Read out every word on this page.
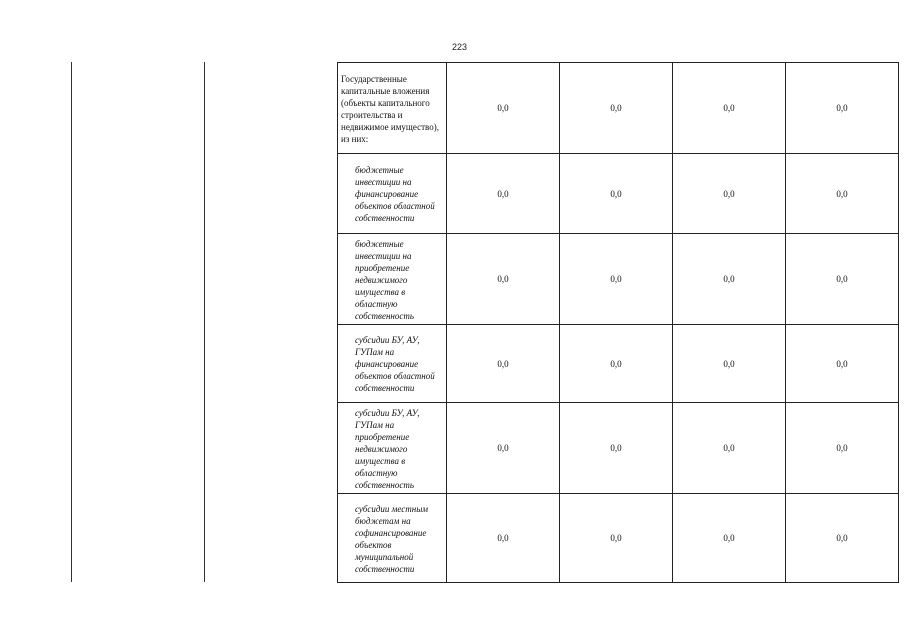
223
Государственные капитальные вложения (объекты капитального строительства и недвижимое имущество), из них:	0,0	0,0	0,0	0,0

бюджетные инвестиции на финансирование объектов областной собственности	0,0	0,0	0,0	0,0

бюджетные инвестиции на приобретение недвижимого имущества в областную собственность	0,0	0,0	0,0	0,0

субсидии БУ, АУ, ГУПам на финансирование объектов областной собственности	0,0	0,0	0,0	0,0

субсидии БУ, АУ, ГУПам на приобретение недвижимого имущества в областную собственность	0,0	0,0	0,0	0,0

субсидии местным бюджетам на софинансирование объектов муниципальной собственности	0,0	0,0	0,0	0,0
